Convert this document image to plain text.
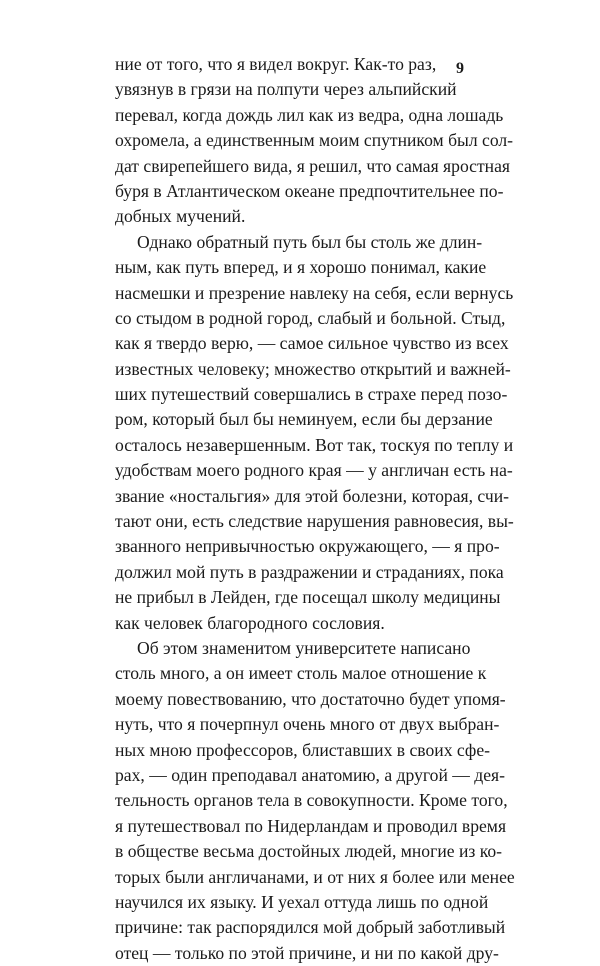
9
ние от того, что я видел вокруг. Как-то раз,
увязнув в грязи на полпути через альпийский
перевал, когда дождь лил как из ведра, одна лошадь
охромела, а единственным моим спутником был сол-
дат свирепейшего вида, я решил, что самая яростная
буря в Атлантическом океане предпочтительнее по-
добных мучений.
Однако обратный путь был бы столь же длин-
ным, как путь вперед, и я хорошо понимал, какие
насмешки и презрение навлеку на себя, если вернусь
со стыдом в родной город, слабый и больной. Стыд,
как я твердо верю, — самое сильное чувство из всех
известных человеку; множество открытий и важней-
ших путешествий совершались в страхе перед позо-
ром, который был бы неминуем, если бы дерзание
осталось незавершенным. Вот так, тоскуя по теплу и
удобствам моего родного края — у англичан есть на-
звание «ностальгия» для этой болезни, которая, счи-
тают они, есть следствие нарушения равновесия, вы-
званного непривычностью окружающего, — я про-
должил мой путь в раздражении и страданиях, пока
не прибыл в Лейден, где посещал школу медицины
как человек благородного сословия.
Об этом знаменитом университете написано
столь много, а он имеет столь малое отношение к
моему повествованию, что достаточно будет упомя-
нуть, что я почерпнул очень много от двух выбран-
ных мною профессоров, блиставших в своих сфе-
рах, — один преподавал анатомию, а другой — дея-
тельность органов тела в совокупности. Кроме того,
я путешествовал по Нидерландам и проводил время
в обществе весьма достойных людей, многие из ко-
торых были англичанами, и от них я более или менее
научился их языку. И уехал оттуда лишь по одной
причине: так распорядился мой добрый заботливый
отец — только по этой причине, и ни по какой дру-
